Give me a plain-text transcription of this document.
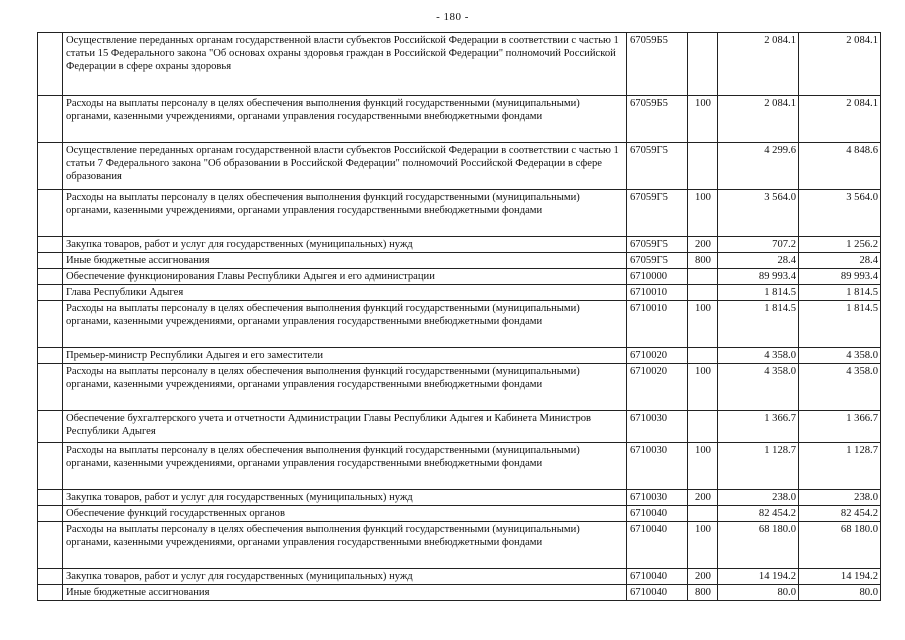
- 180 -
	Осуществление переданных органам государственной власти субъектов Российской Федерации в соответствии с частью 1 статьи 15 Федерального закона "Об основах охраны здоровья граждан в Российской Федерации" полномочий Российской Федерации в сфере охраны здоровья	67059Б5		2 084.1	2 084.1
	Расходы на выплаты персоналу в целях обеспечения выполнения функций государственными (муниципальными) органами, казенными учреждениями, органами управления государственными внебюджетными фондами	67059Б5	100	2 084.1	2 084.1
	Осуществление переданных органам государственной власти субъектов Российской Федерации в соответствии с частью 1 статьи 7 Федерального закона "Об образовании в Российской Федерации" полномочий Российской Федерации в сфере образования	67059Г5		4 299.6	4 848.6
	Расходы на выплаты персоналу в целях обеспечения выполнения функций государственными (муниципальными) органами, казенными учреждениями, органами управления государственными внебюджетными фондами	67059Г5	100	3 564.0	3 564.0
	Закупка товаров, работ и услуг для государственных (муниципальных) нужд	67059Г5	200	707.2	1 256.2
	Иные бюджетные ассигнования	67059Г5	800	28.4	28.4
	Обеспечение функционирования Главы Республики Адыгея и его администрации	6710000		89 993.4	89 993.4
	Глава Республики Адыгея	6710010		1 814.5	1 814.5
	Расходы на выплаты персоналу в целях обеспечения выполнения функций государственными (муниципальными) органами, казенными учреждениями, органами управления государственными внебюджетными фондами	6710010	100	1 814.5	1 814.5
	Премьер-министр Республики Адыгея и его заместители	6710020		4 358.0	4 358.0
	Расходы на выплаты персоналу в целях обеспечения выполнения функций государственными (муниципальными) органами, казенными учреждениями, органами управления государственными внебюджетными фондами	6710020	100	4 358.0	4 358.0
	Обеспечение бухгалтерского учета и отчетности Администрации Главы Республики Адыгея и Кабинета Министров Республики Адыгея	6710030		1 366.7	1 366.7
	Расходы на выплаты персоналу в целях обеспечения выполнения функций государственными (муниципальными) органами, казенными учреждениями, органами управления государственными внебюджетными фондами	6710030	100	1 128.7	1 128.7
	Закупка товаров, работ и услуг для государственных (муниципальных) нужд	6710030	200	238.0	238.0
	Обеспечение функций государственных органов	6710040		82 454.2	82 454.2
	Расходы на выплаты персоналу в целях обеспечения выполнения функций государственными (муниципальными) органами, казенными учреждениями, органами управления государственными внебюджетными фондами	6710040	100	68 180.0	68 180.0
	Закупка товаров, работ и услуг для государственных (муниципальных) нужд	6710040	200	14 194.2	14 194.2
	Иные бюджетные ассигнования	6710040	800	80.0	80.0
